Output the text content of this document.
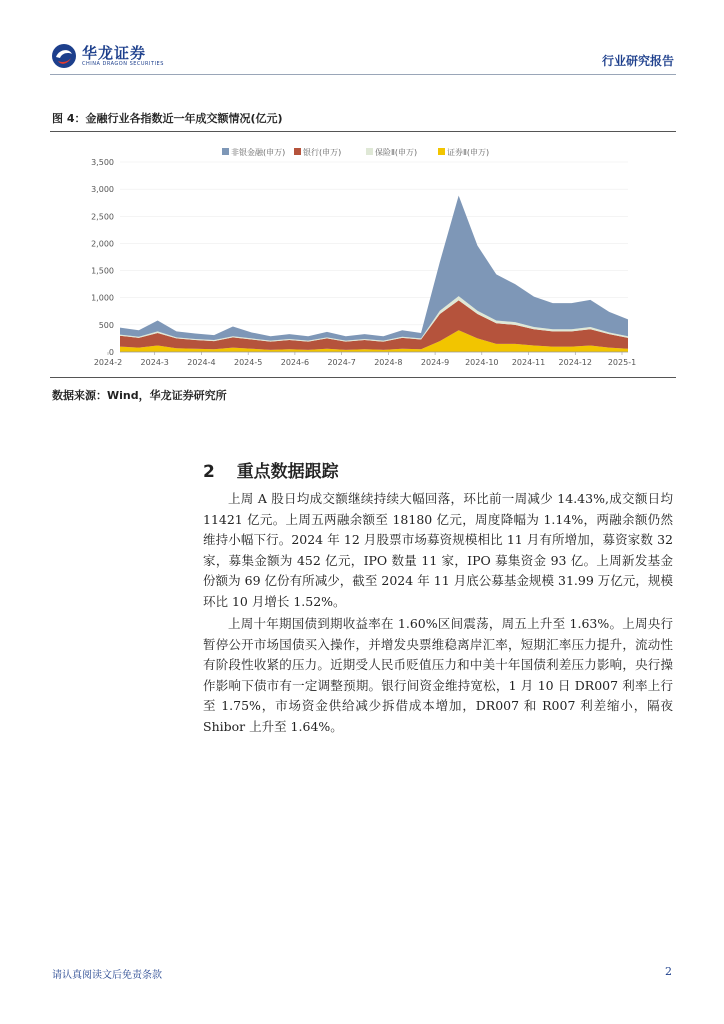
华龙证券
CHINA DRAGON SECURITIES	行业研究报告
图 4：金融行业各指数近一年成交额情况(亿元)
非银金融(申万) 银行(申万)	保险Ⅱ(申万)	证券Ⅱ(申万)
0
500
1,000
1,500
2,000
2,500
3,000
3,500
2024-2 2024-3 2024-4 2024-5 2024-6 2024-7 2024-8 2024-9 2024-10 2024-11 2024-12 2025-1
数据来源：Wind，华龙证券研究所
2 重点数据跟踪

上周 A 股日均成交额继续持续大幅回落，环比前一周减少 14.43%,成交额日均 11421 亿元。上周五两融余额至 18180 亿元，周度降幅为 1.14%，两融余额仍然维持小幅下行。2024 年 12 月股票市场募资规模相比 11 月有所增加，募资家数 32 家，募集金额为 452 亿元，IPO 数量 11 家，IPO 募集资金 93 亿。上周新发基金份额为 69 亿份有所减少，截至 2024 年 11 月底公募基金规模 31.99 万亿元，规模环比 10 月增长 1.52%。

上周十年期国债到期收益率在 1.60%区间震荡，周五上升至 1.63%。上周央行暂停公开市场国债买入操作，并增发央票维稳离岸汇率，短期汇率压力提升，流动性有阶段性收紧的压力。近期受人民币贬值压力和中美十年国债利差压力影响，央行操作影响下债市有一定调整预期。银行间资金维持宽松，1 月 10 日 DR007 利率上行至 1.75%，市场资金供给减少拆借成本增加，DR007 和 R007 利差缩小，隔夜 Shibor 上升至 1.64%。

请认真阅读文后免责条款	2
